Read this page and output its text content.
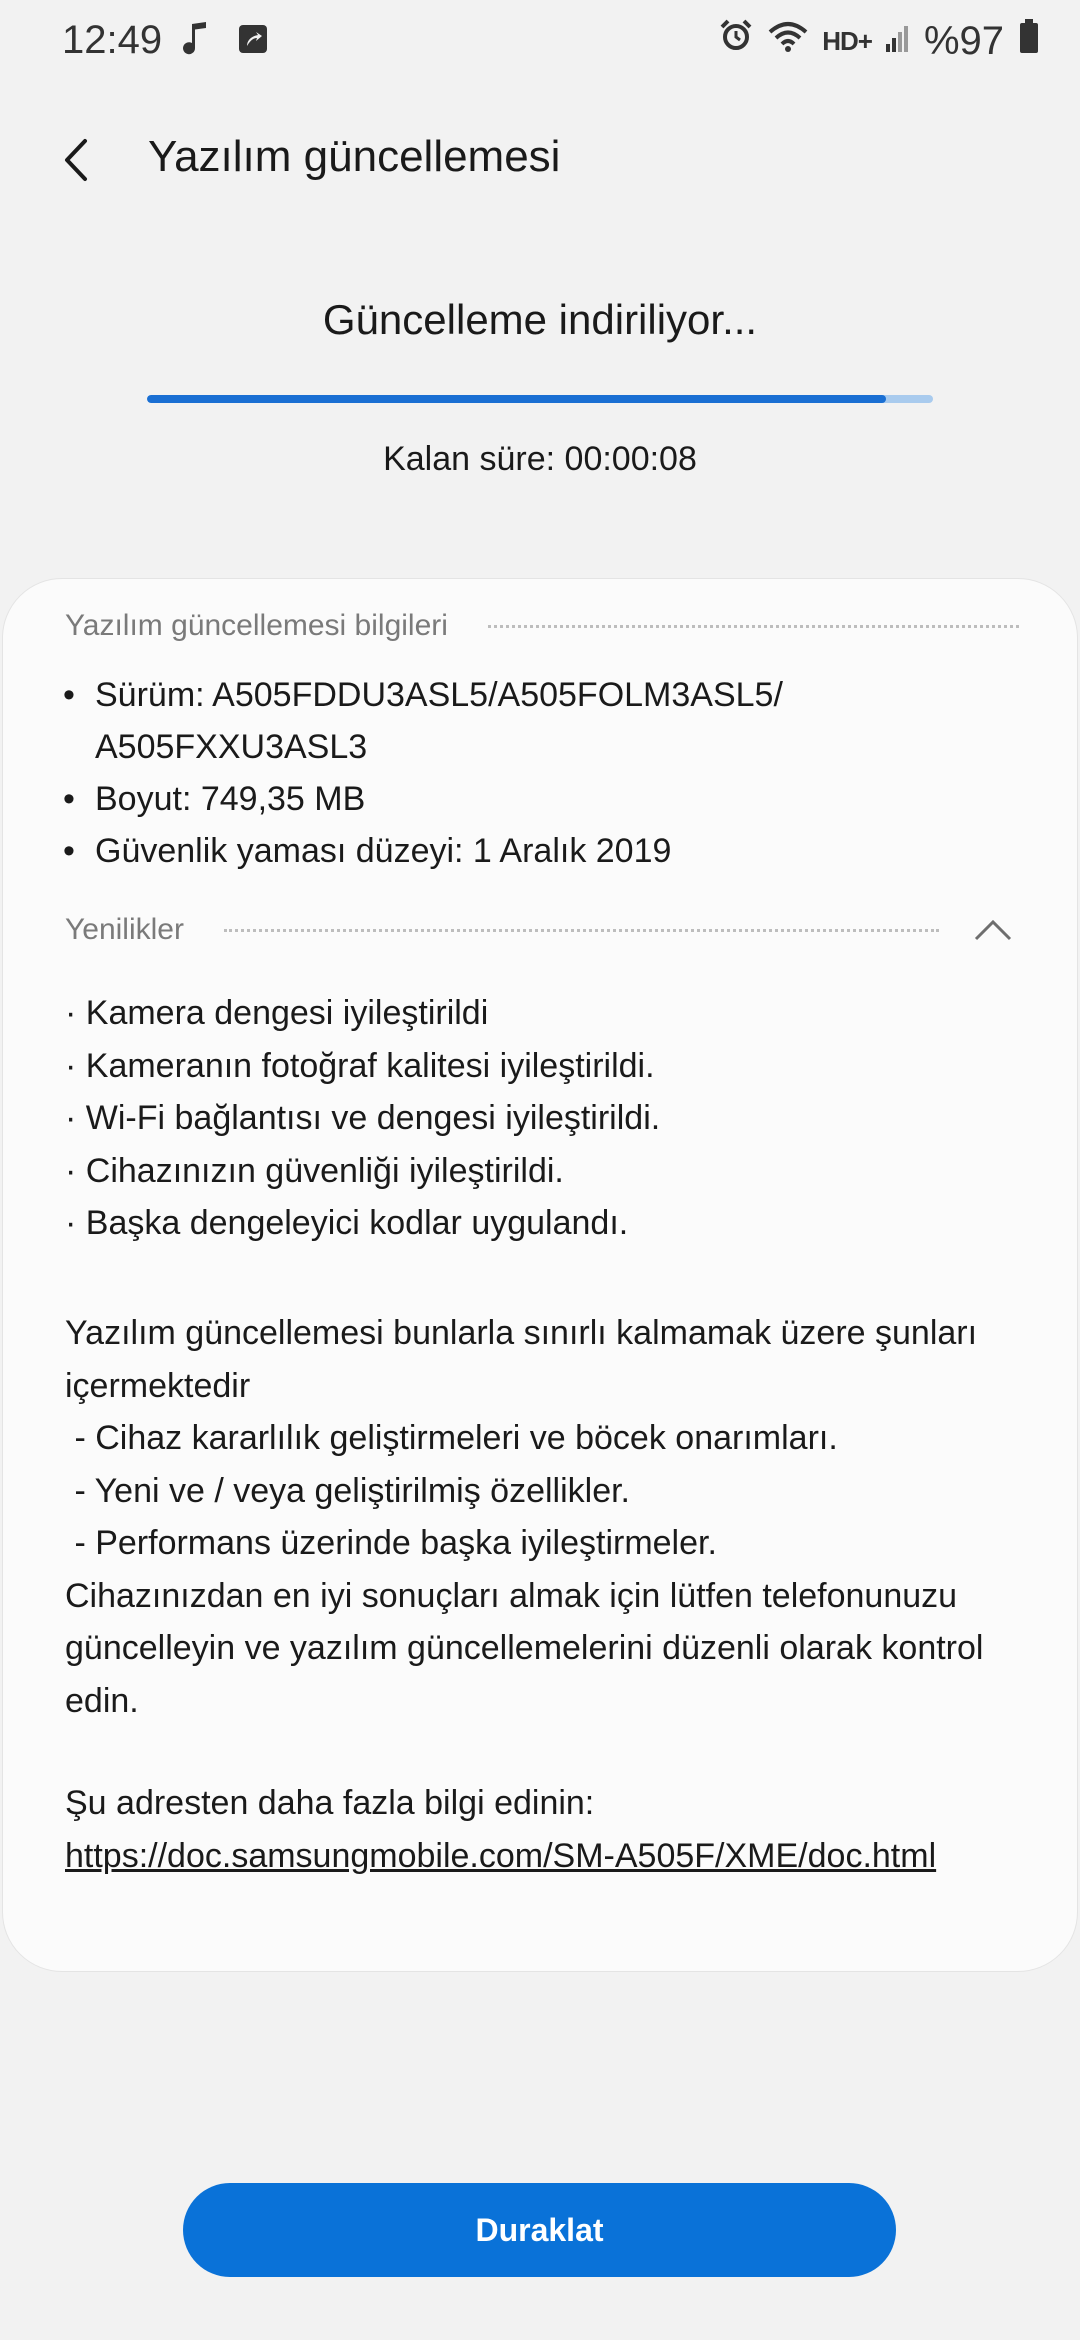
12:49	HD+ %97
Yazılım güncellemesi
Güncelleme indiriliyor...
Kalan süre: 00:00:08
Yazılım güncellemesi bilgileri
• Sürüm: A505FDDU3ASL5/A505FOLM3ASL5/ A505FXXU3ASL3
• Boyut: 749,35 MB
• Güvenlik yaması düzeyi: 1 Aralık 2019
Yenilikler
· Kamera dengesi iyileştirildi
· Kameranın fotoğraf kalitesi iyileştirildi.
· Wi-Fi bağlantısı ve dengesi iyileştirildi.
· Cihazınızın güvenliği iyileştirildi.
· Başka dengeleyici kodlar uygulandı.
Yazılım güncellemesi bunlarla sınırlı kalmamak üzere şunları içermektedir
- Cihaz kararlılık geliştirmeleri ve böcek onarımları.
- Yeni ve / veya geliştirilmiş özellikler.
- Performans üzerinde başka iyileştirmeler.
Cihazınızdan en iyi sonuçları almak için lütfen telefonunuzu güncelleyin ve yazılım güncellemelerini düzenli olarak kontrol edin.
Şu adresten daha fazla bilgi edinin:
https://doc.samsungmobile.com/SM-A505F/XME/doc.html
Duraklat
